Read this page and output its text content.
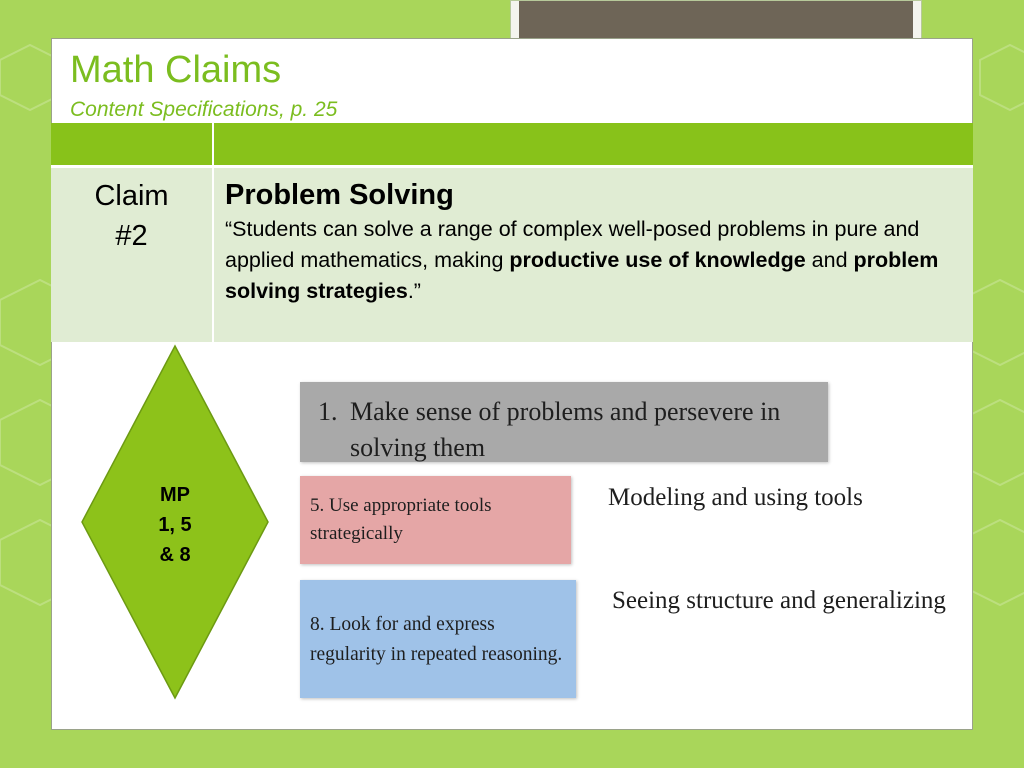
Math Claims
Content Specifications, p. 25
Claim
#2
Problem Solving
“Students can solve a range of complex well-posed problems in pure and applied mathematics, making productive use of knowledge and problem solving strategies.”
MP
1, 5
& 8
1. Make sense of problems and persevere in solving them
5. Use appropriate tools strategically
8. Look for and express regularity in repeated reasoning.
Modeling and using tools
Seeing structure and generalizing
